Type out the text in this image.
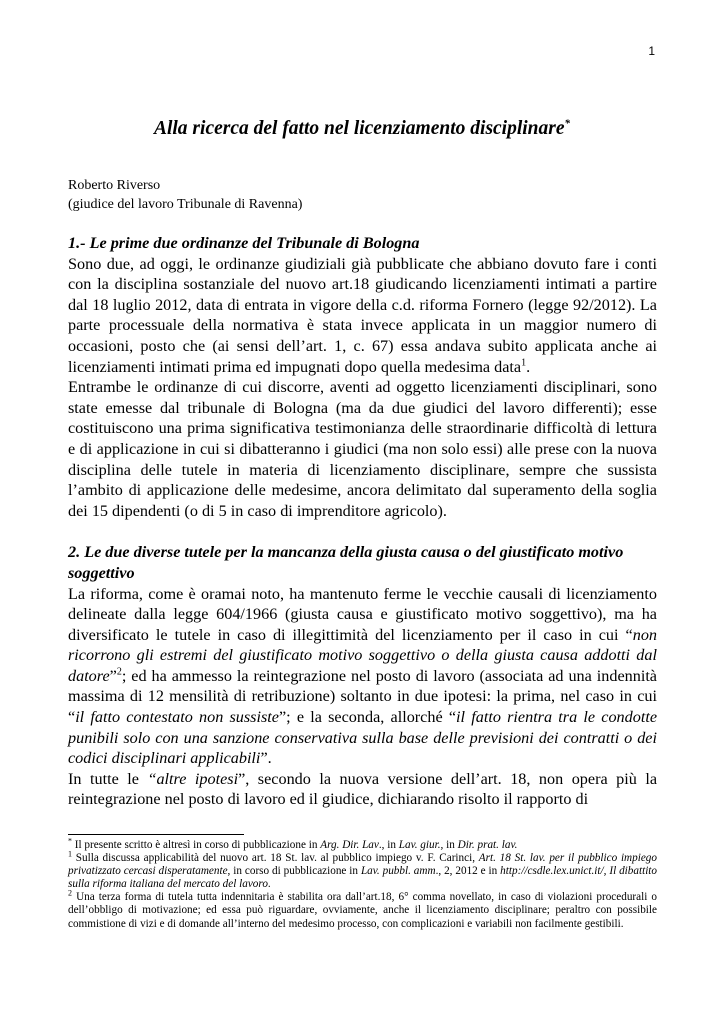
1
Alla ricerca del fatto nel licenziamento disciplinare*
Roberto Riverso
(giudice del lavoro Tribunale di Ravenna)

1.- Le prime due ordinanze del Tribunale di Bologna

Sono due, ad oggi, le ordinanze giudiziali già pubblicate che abbiano dovuto fare i conti con la disciplina sostanziale del nuovo art.18 giudicando licenziamenti intimati a partire dal 18 luglio 2012, data di entrata in vigore della c.d. riforma Fornero (legge 92/2012). La parte processuale della normativa è stata invece applicata in un maggior numero di occasioni, posto che (ai sensi dell’art. 1, c. 67) essa andava subito applicata anche ai licenziamenti intimati prima ed impugnati dopo quella medesima data$^1$.

Entrambe le ordinanze di cui discorre, aventi ad oggetto licenziamenti disciplinari, sono state emesse dal tribunale di Bologna (ma da due giudici del lavoro differenti); esse costituiscono una prima significativa testimonianza delle straordinarie difficoltà di lettura e di applicazione in cui si dibatteranno i giudici (ma non solo essi) alle prese con la nuova disciplina delle tutele in materia di licenziamento disciplinare, sempre che sussista l’ambito di applicazione delle medesime, ancora delimitato dal superamento della soglia dei 15 dipendenti (o di 5 in caso di imprenditore agricolo).

2. Le due diverse tutele per la mancanza della giusta causa o del giustificato motivo soggettivo

La riforma, come è oramai noto, ha mantenuto ferme le vecchie causali di licenziamento delineate dalla legge 604/1966 (giusta causa e giustificato motivo soggettivo), ma ha diversificato le tutele in caso di illegittimità del licenziamento per il caso in cui “non ricorrono gli estremi del giustificato motivo soggettivo o della giusta causa addotti dal datore”$^2$; ed ha ammesso la reintegrazione nel posto di lavoro (associata ad una indennità massima di 12 mensilità di retribuzione) soltanto in due ipotesi: la prima, nel caso in cui “il fatto contestato non sussiste”; e la seconda, allorché “il fatto rientra tra le condotte punibili solo con una sanzione conservativa sulla base delle previsioni dei contratti o dei codici disciplinari applicabili”.

In tutte le “altre ipotesi”, secondo la nuova versione dell’art. 18, non opera più la reintegrazione nel posto di lavoro ed il giudice, dichiarando risolto il rapporto di

* Il presente scritto è altresì in corso di pubblicazione in Arg. Dir. Lav., in Lav. giur., in Dir. prat. lav.

$^1$ Sulla discussa applicabilità del nuovo art. 18 St. lav. al pubblico impiego v. F. Carinci, Art. 18 St. lav. per il pubblico impiego privatizzato cercasi disperatamente, in corso di pubblicazione in Lav. pubbl. amm., 2, 2012 e in http://csdle.lex.unict.it/, Il dibattito sulla riforma italiana del mercato del lavoro.

$^2$ Una terza forma di tutela tutta indennitaria è stabilita ora dall’art.18, 6° comma novellato, in caso di violazioni procedurali o dell’obbligo di motivazione; ed essa può riguardare, ovviamente, anche il licenziamento disciplinare; peraltro con possibile commistione di vizi e di domande all’interno del medesimo processo, con complicazioni e variabili non facilmente gestibili.
